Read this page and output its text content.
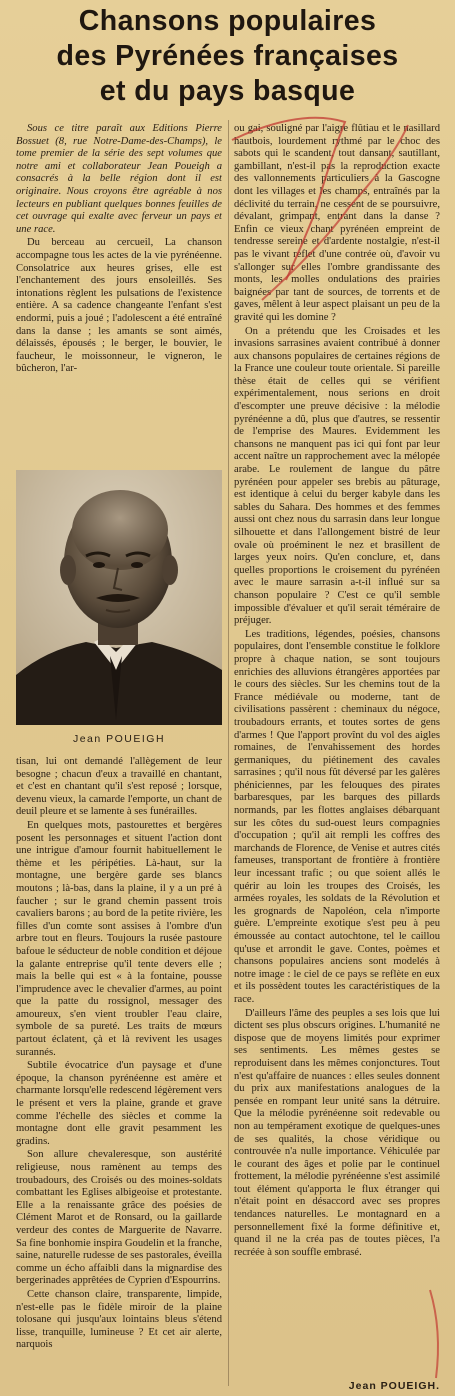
Chansons populaires
des Pyrénées françaises
et du pays basque

Sous ce titre paraît aux Editions Pierre Bossuet (8, rue Notre-Dame-des-Champs), le tome premier de la série des sept volumes que notre ami et collaborateur Jean Poueigh a consacrés à la belle région dont il est originaire. Nous croyons être agréable à nos lecteurs en publiant quelques bonnes feuilles de cet ouvrage qui exalte avec ferveur un pays et une race.

Du berceau au cercueil, La chanson accompagne tous les actes de la vie pyrénéenne. Consolatrice aux heures grises, elle est l'enchantement des jours ensoleillés. Ses intonations règlent les pulsations de l'existence entière. A sa cadence changeante l'enfant s'est endormi, puis a joué ; l'adolescent a été entraîné dans la danse ; les amants se sont aimés, délaissés, épousés ; le berger, le bouvier, le faucheur, le moissonneur, le vigneron, le bûcheron, l'ar-

Jean POUEIGH

tisan, lui ont demandé l'allègement de leur besogne ; chacun d'eux a travaillé en chantant, et c'est en chantant qu'il s'est reposé ; lorsque, devenu vieux, la camarde l'emporte, un chant de deuil pleure et se lamente à ses funérailles.

En quelques mots, pastourettes et bergères posent les personnages et situent l'action dont une intrigue d'amour fournit habituellement le thème et les péripéties. Là-haut, sur la montagne, une bergère garde ses blancs moutons ; là-bas, dans la plaine, il y a un pré à faucher ; sur le grand chemin passent trois cavaliers barons ; au bord de la petite rivière, les filles d'un comte sont assises à l'ombre d'un arbre tout en fleurs. Toujours la rusée pastoure bafoue le séducteur de noble condition et déjoue la galante entreprise qu'il tente devers elle ; mais la belle qui est « à la fontaine, pousse l'imprudence avec le chevalier d'armes, au point que la patte du rossignol, messager des amoureux, s'en vient troubler l'eau claire, symbole de sa pureté. Les traits de mœurs partout éclatent, çà et là revivent les usages surannés.

Subtile évocatrice d'un paysage et d'une époque, la chanson pyrénéenne est amère et charmante lorsqu'elle redescend légèrement vers le présent et vers la plaine, grande et grave comme l'échelle des siècles et comme la montagne dont elle gravit pesamment les gradins.

Son allure chevaleresque, son austérité religieuse, nous ramènent au temps des troubadours, des Croisés ou des moines-soldats combattant les Eglises albigeoise et protestante. Elle a la renaissante grâce des poésies de Clément Marot et de Ronsard, ou la gaillarde verdeur des contes de Marguerite de Navarre. Sa fine bonhomie inspira Goudelin et la franche, saine, naturelle rudesse de ses pastorales, éveilla comme un écho affaibli dans la mignardise des bergerinades apprêtées de Cyprien d'Espourrins.

Cette chanson claire, transparente, limpide, n'est-elle pas le fidèle miroir de la plaine tolosane qui jusqu'aux lointains bleus s'étend lisse, tranquille, lumineuse ? Et cet air alerte, narquois

ou gai, souligné par l'aigre flûtiau et le nasillard hautbois, lourdement rythmé par le choc des sabots qui le scandent, tout dansant, sautillant, gambillant, n'est-il pas la reproduction exacte des vallonnements particuliers à la Gascogne dont les villages et les champs, entraînés par la déclivité du terrain, ne cessent de se poursuivre, dévalant, grimpant, entrant dans la danse ? Enfin ce vieux chant pyrénéen empreint de tendresse sereine et d'ardente nostalgie, n'est-il pas le vivant reflet d'une contrée où, d'avoir vu s'allonger sur elles l'ombre grandissante des monts, les molles ondulations des prairies baignées par tant de sources, de torrents et de gaves, mêlent à leur aspect plaisant un peu de la gravité qui les domine ?

On a prétendu que les Croisades et les invasions sarrasines avaient contribué à donner aux chansons populaires de certaines régions de la France une couleur toute orientale. Si pareille thèse était de celles qui se vérifient expérimentalement, nous serions en droit d'escompter une preuve décisive : la mélodie pyrénéenne a dû, plus que d'autres, se ressentir de l'emprise des Maures. Evidemment les chansons ne manquent pas ici qui font par leur accent naître un rapprochement avec la mélopée arabe. Le roulement de langue du pâtre pyrénéen pour appeler ses brebis au pâturage, est identique à celui du berger kabyle dans les sables du Sahara. Des hommes et des femmes aussi ont chez nous du sarrasin dans leur longue silhouette et dans l'allongement bistré de leur ovale où proéminent le nez et brasillent de larges yeux noirs. Qu'en conclure, et, dans quelles proportions le croisement du pyrénéen avec le maure sarrasin a-t-il influé sur sa chanson populaire ? C'est ce qu'il semble impossible d'évaluer et qu'il serait téméraire de préjuger.

Les traditions, légendes, poésies, chansons populaires, dont l'ensemble constitue le folklore propre à chaque nation, se sont toujours enrichies des alluvions étrangères apportées par le cours des siècles. Sur les chemins tout de la France médiévale ou moderne, tant de civilisations passèrent : cheminaux du négoce, troubadours errants, et toutes sortes de gens d'armes ! Que l'apport provînt du vol des aigles romaines, de l'envahissement des hordes germaniques, du piétinement des cavales sarrasines ; qu'il nous fût déversé par les galères phéniciennes, par les felouques des pirates barbaresques, par les barques des pillards normands, par les flottes anglaises débarquant sur les côtes du sud-ouest leurs compagnies d'occupation ; qu'il ait rempli les coffres des marchands de Florence, de Venise et autres cités fameuses, transportant de frontière à frontière leur incessant trafic ; ou que soient allés le quérir au loin les troupes des Croisés, les armées royales, les soldats de la Révolution et les grognards de Napoléon, cela n'importe guère. L'empreinte exotique s'est peu à peu émoussée au contact autochtone, tel le caillou qu'use et arrondit le gave. Contes, poèmes et chansons populaires anciens sont modelés à notre image : le ciel de ce pays se reflète en eux et ils possèdent toutes les caractéristiques de la race.

D'ailleurs l'âme des peuples a ses lois que lui dictent ses plus obscurs origines. L'humanité ne dispose que de moyens limités pour exprimer ses sentiments. Les mêmes gestes se reproduisent dans les mêmes conjonctures. Tout n'est qu'affaire de nuances : elles seules donnent du prix aux manifestations analogues de la pensée en rompant leur unité sans la détruire. Que la mélodie pyrénéenne soit redevable ou non au tempérament exotique de quelques-unes de ses qualités, la chose véridique ou controuvée n'a nulle importance. Véhiculée par le courant des âges et polie par le continuel frottement, la mélodie pyrénéenne s'est assimilé tout élément qu'apporta le flux étranger qui n'était point en désaccord avec ses propres tendances naturelles. Le montagnard en a personnellement fixé la forme définitive et, quand il ne la créa pas de toutes pièces, l'a recréée à son souffle embrasé.

Jean POUEIGH.
